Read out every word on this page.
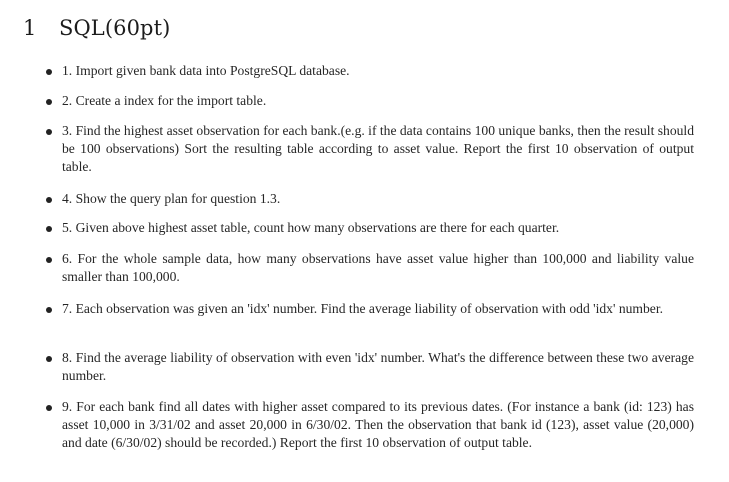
1 SQL(60pt)
1. Import given bank data into PostgreSQL database.
2. Create a index for the import table.
3. Find the highest asset observation for each bank.(e.g. if the data contains 100 unique banks, then the result should be 100 observations) Sort the resulting table according to asset value. Report the first 10 observation of output table.
4. Show the query plan for question 1.3.
5. Given above highest asset table, count how many observations are there for each quarter.
6. For the whole sample data, how many observations have asset value higher than 100,000 and liability value smaller than 100,000.
7. Each observation was given an 'idx' number. Find the average liability of observation with odd 'idx' number.
8. Find the average liability of observation with even 'idx' number. What's the difference between these two average number.
9. For each bank find all dates with higher asset compared to its previous dates. (For instance a bank (id: 123) has asset 10,000 in 3/31/02 and asset 20,000 in 6/30/02. Then the observation that bank id (123), asset value (20,000) and date (6/30/02) should be recorded.) Report the first 10 observation of output table.
